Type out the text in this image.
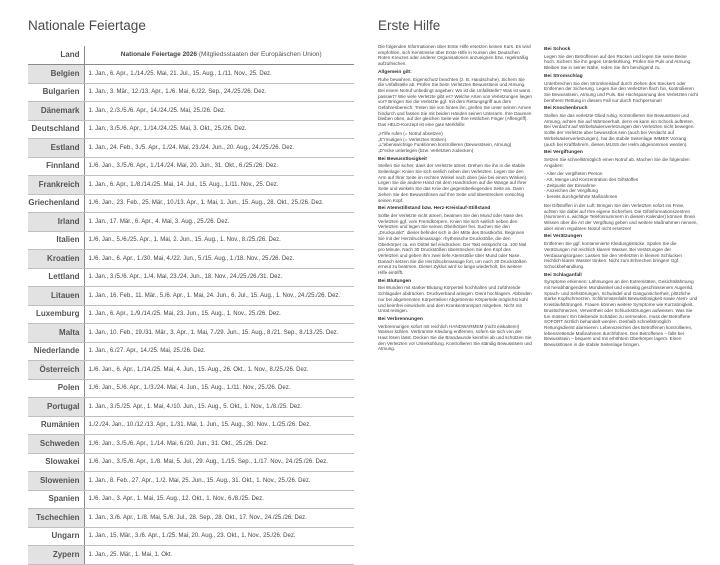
Nationale Feiertage
Land	Nationale Feiertage 2026 (Mitgliedsstaaten der Europäischen Union)
Belgien	1. Jan., 6. Apr., 1./14./25. Mai, 21. Jul., 15. Aug., 1./11. Nov., 25. Dez.
Bulgarien	1. Jan., 3. Mär., 12./13. Apr., 1./6. Mai, 6./22. Sep., 24./25./26. Dez.
Dänemark	1. Jan., 2./3./5./6. Apr., 14./24./25. Mai, 25./26. Dez.
Deutschland	1. Jan., 3./5./6. Apr., 1./14./24./25. Mai, 3. Okt., 25./26. Dez.
Estland	1. Jan., 24. Feb., 3./5. Apr., 1./24. Mai, 23./24. Jun., 20. Aug., 24./25./26. Dez.
Finnland	1./6. Jan., 3./5./6. Apr., 1./14./24. Mai, 20. Jun., 31. Okt., 6./25./26. Dez.
Frankreich	1. Jan., 6. Apr., 1./8./14./25. Mai, 14. Jul., 15. Aug., 1./11. Nov., 25. Dez.
Griechenland	1./6. Jan., 23. Feb., 25. Mär., 10./13. Apr., 1. Mai, 1. Jun., 15. Aug., 28. Okt., 25./26. Dez.
Irland	1. Jan., 17. Mär., 6. Apr., 4. Mai, 3. Aug., 25./26. Dez.
Italien	1./6. Jan., 5./6./25. Apr., 1. Mai, 2. Jun., 15. Aug., 1. Nov., 8./25./26. Dez.
Kroatien	1./6. Jan., 6. Apr., 1./30. Mai, 4./22. Jun., 5./15. Aug., 1./18. Nov., 25./26. Dez.
Lettland	1. Jan., 3./5./6. Apr., 1./4. Mai, 23./24. Jun., 18. Nov., 24./25./26./31. Dez.
Litauen	1. Jan., 16. Feb., 11. Mär., 5./6. Apr., 1. Mai, 24. Jun., 6. Jul., 15. Aug., 1. Nov., 24./25./26. Dez.
Luxemburg	1. Jan., 6. Apr., 1./9./14./25. Mai, 23. Jun., 15. Aug., 1. Nov., 25./26. Dez.
Malta	1. Jan., 10. Feb., 19./31. Mär., 3. Apr., 1. Mai, 7./29. Jun., 15. Aug., 8./21. Sep., 8./13./25. Dez.
Niederlande	1. Jan., 6./27. Apr., 14./25. Mai, 25./26. Dez.
Österreich	1./6. Jan., 6. Apr., 1./14./25. Mai, 4. Jun., 15. Aug., 26. Okt., 1. Nov., 8./25./26. Dez.
Polen	1./6. Jan., 5./6. Apr., 1./3./24. Mai, 4. Jun., 15. Aug., 1./11. Nov., 25./26. Dez.
Portugal	1. Jan., 3./5./25. Apr., 1. Mai, 4./10. Jun., 15. Aug., 5. Okt., 1. Nov., 1./8./25. Dez.
Rumänien	1./2./24. Jan., 10./12./13. Apr., 1./31. Mai, 1. Jun., 15. Aug., 30. Nov., 1./25./26. Dez.
Schweden	1./6. Jan., 3./5./6. Apr., 1./14. Mai, 6./20. Jun., 31. Okt., 25./26. Dez.
Slowakei	1./6. Jan., 3./5./6. Apr., 1./8. Mai, 5. Jul., 29. Aug., 1./15. Sep., 1./17. Nov., 24./25./26. Dez.
Slowenien	1. Jan., 8. Feb., 27. Apr., 1./2. Mai, 25. Jun., 15. Aug., 31. Okt., 1. Nov., 25./26. Dez.
Spanien	1./6. Jan., 3. Apr., 1. Mai, 15. Aug., 12. Okt., 1. Nov., 6./8./25. Dez.
Tschechien	1. Jan., 3./6. Apr., 1./8. Mai, 5./6. Jul., 28. Sep., 28. Okt., 17. Nov., 24./25./26. Dez.
Ungarn	1. Jan., 15. Mär., 3./6. Apr., 1./25. Mai, 20. Aug., 23. Okt., 1. Nov., 25./26. Dez.
Zypern	1. Jan., 25. Mär., 1. Mai, 1. Okt.
Erste Hilfe

Die folgenden Informationen über Erste Hilfe ersetzen keinen Kurs. Es wird empfohlen, sich Kenntnisse über Erste Hilfe in Kursen des Deutschen Roten Kreuzes oder anderer Organisationen anzueignen bzw. regelmäßig aufzufrischen.

Allgemein gilt:

Ruhe bewahren, Eigenschutz beachten (z. B. Handschuhe). Sichern Sie die Unfallstelle ab. Prüfen Sie beim Verletzten Bewusstsein und Atmung. Bei einem Notruf unbedingt angeben: Wo ist die Unfallstelle? Was ist wann passiert? Wie viele Verletzte gibt es? Welche Arten von Verletzungen liegen vor? Bringen Sie die Verletzte ggf. mit dem Rettungsgriff aus dem Gefahrenbereich: Treten Sie von hinten ihn, greifen Sie unter seinen Armen hindurch und fassen Sie mit beiden Händen seinen Unterarm. Ihre Daumen bleiben oben, auf der gleichen Seite wie Ihre restlichen Finger (Affengriff). Das HELD-Konzept ist eine gute Merkhilfe:

„H“ilfe rufen (= Notruf absetzen)
„E“rmutigen (= Verletzten trösten)
„L“ebenswichtige Funktionen kontrollieren (Bewusstsein, Atmung)
„D“ecke unterlegen (bzw. Verletzten zudecken)
Bei Bewusstlosigkeit

Stellen Sie sicher, dass der Verletzte atmet. Drehen Sie ihn in die stabile Seitenlage: Knien Sie sich seitlich neben den Verletzten. Legen Sie den Arm auf Ihrer Seite im rechten Winkel nach oben (wie bei einem Winken). Legen Sie die andere Hand mit dem Handrücken auf die Wange auf Ihrer Seite und winkeln Sie das Knie der gegenüberliegenden Seite an. Dann ziehen Sie den Bewusstlosen auf Ihre Seite und überstrecken vorsichtig seinen Kopf.

Bei Atemstillstand bzw. Herz-Kreislauf-Stillstand

Sollte der Verletzte nicht atmen, beatmen Sie den Mund oder Nase des Verletzten ggf. vom Fremdkörpern. Knien Sie sich seitlich neben den Verletzten und legen Sie seinen Oberkörper frei. Suchen Sie den „Druckpunkt“, dieser befindet sich in der Mitte des Brustkorbs. Beginnen Sie mit der Herzdruckmassage: rhythmische Druckstöße, die den Oberkörper ca. ein Drittel tief eindrücken. Der Takt entspricht ca. 100 Mal pro Minute. Nach 30 Druckstößen überstrecken Sie den Kopf des Verletzten und geben ihm zwei tiefe Atemstöße über Mund oder Nase. Danach setzen Sie die Herzdruckmassage fort, um nach 30 Druckstößen erneut zu beatmen. Dieser Zyklus wird so lange wiederholt, bis weitere Hilfe eintrifft.

Bei Blutungen

Bei Wunden mit starker Blutung Körperteil hochhalten und zuführende Schlagader abdrücken. Druckverband anlegen. Dient hochlagern. Abbinden nur bei abgetrennten Körperteilen! Abgetrennte Körperteile möglichst kühl und keimfrei einwickeln und dem Krankentransport mitgeben. Nicht mit Unrat reinigen.

Bei Verbrennungen

Verbrennungen sofort mit reichlich HANDWARMEM (nicht eiskaltem!) Wasser kühlen. Verbrannte Kleidung entfernen, sofern sie sich von der Haut lösen lässt. Decken Sie die Brandwunde keimfrei ab und schützen Sie den Verletzten vor Unterkühlung. Kontrollieren Sie ständig Bewusstsein und Atmung.

Bei Schock

Legen Sie den Betroffenen auf den Rücken und legen Sie seine Beine hoch. Sichern Sie ihn gegen Unterkühlung. Prüfen Sie Puls und Atmung. Bleiben Sie in seiner Nähe, reden Sie ihm beruhigend zu.

Bei Stromschlag

Unterbrechen Sie den Stromkreislauf durch Ziehen des Steckers oder Entfernen der Sicherung. Legen Sie den Verletzten flach hin, kontrollieren Sie Bewusstsein, Atmung und Puls. Bei Hochspannung den Verletzten nicht berühren! Rettung in diesem Fall nur durch Fachpersonal!

Bei Knochenbruch

Stellen Sie das verletzte Glied ruhig. Kontrollieren Sie Bewusstsein und Atmung, achten Sie auf Wärmeerhalt, denn es kann ein Schock auftreten. Bei Verdacht auf Wirbelsäulenverletzungen den Verletzten nicht bewegen. Sollte der Verletzte aber bewusstlos sein (auch bei Verdacht auf Wirbelsäulenverletzungen), hat die stabile Seitenlage IMMER Vorrang (auch bei Kraftfahrern, diesen MUSS der Helm abgenommen werden).

Bei Vergiftungen

Setzen Sie schnellstmöglich einen Notruf ab. Machen Sie die folgenden Angaben:

- Alter der vergifteten Person
- Art, Menge und Konzentration des Giftstoffes
- Zeitpunkt der Einnahme
- Anzeichen der Vergiftung
- bereits durchgeführte Maßnahmen

Bei Giftstoffen in der Luft: Bringen Sie den Verletzten sofort ins Freie, achten Sie dabei auf Ihre eigene Sicherheit. Die Giftinformationszentren (Nummern s. wichtige Telefonnummern in diesem Kalender) können Ihnen Wissen über die Art der Vergiftung geben und weitere Maßnahmen nennen, aber einen regulären Notruf nicht ersetzen!

Bei Verätzungen

Entfernen Sie ggf. kontaminierte Kleidungsstücke. Spülen Sie die Verätzungen mit reichlich klarem Wasser. Bei Verätzungen der Verdauungsorgane: Lassen Sie den Verletzten in kleinen Schlucken reichlich klares Wasser trinken. Nicht zum Erbrechen bringen! Ggf. Schockbehandlung.

Bei Schlaganfall

Symptome erkennen: Lähmungen an den Extremitäten, Gesichtslähmung mit herabhängendem Mundwinkel und einseitig geschlossenem Augenlid, Sprach- und Sehstörungen, Schwindel und Gangunsicherheit, plötzliche starke Kopfschmerzen. Schlimmstenfalls Bewusstlosigkeit sowie Atem- und Kreislaufstörungen. Frauen können weitere Symptome wie Kurzatmigkeit, Brustschmerzen, Verwirrtheit oder Schluckstörungen aufweisen. Was Sie tun müssen: Ein bleibende Schäden zu vermeiden, muss der Betroffene SOFORT ärztlich behandelt werden. Deshalb schnellstmöglich Rettungsdienst alarmieren. Lebenszeichen des Betroffenen kontrollieren, lebensrettende Maßnahmen durchführen. Den Betroffenen – falls bei Bewusstsein – bequem und mit erhöhtem Oberkörper lagern. Einen Bewusstlosen in die stabile Seitenlage bringen.
